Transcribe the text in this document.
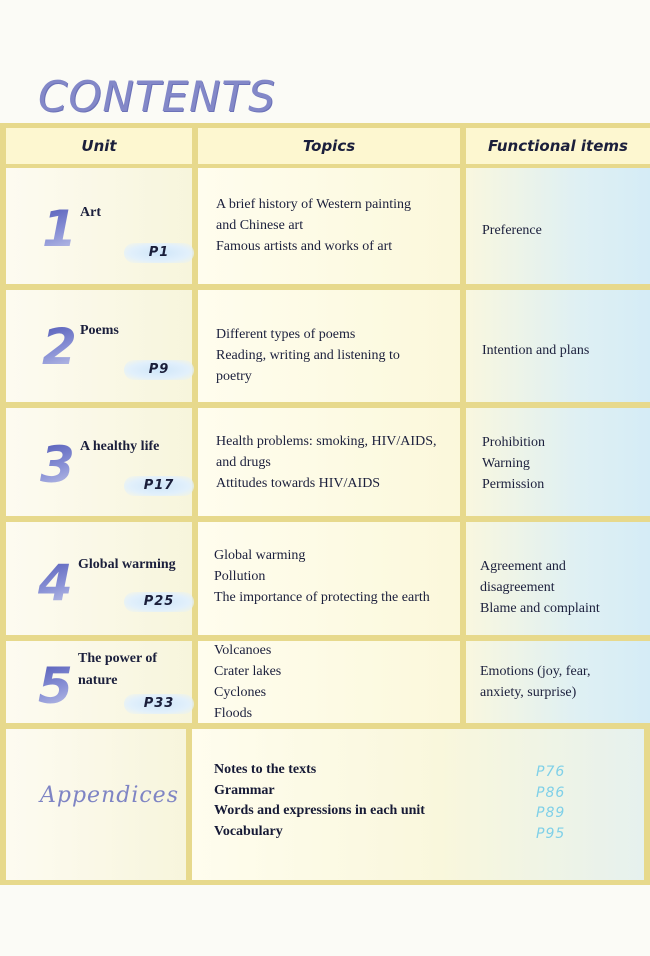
CONTENTS
Unit	Topics	Functional items
1 Art
P1
A brief history of Western painting
and Chinese art
Famous artists and works of art
Preference
2 Poems
P9
Different types of poems
Reading, writing and listening to
poetry
Intention and plans
3 A healthy life
P17
Health problems: smoking, HIV/AIDS,
and drugs
Attitudes towards HIV/AIDS
Prohibition
Warning
Permission
4 Global warming
P25
Global warming
Pollution
The importance of protecting the earth
Agreement and
disagreement
Blame and complaint
5 The power of
nature
P33
Volcanoes
Crater lakes
Cyclones
Floods
Emotions (joy, fear,
anxiety, surprise)
Appendices
Notes to the texts
Grammar
Words and expressions in each unit
Vocabulary
P76
P86
P89
P95
